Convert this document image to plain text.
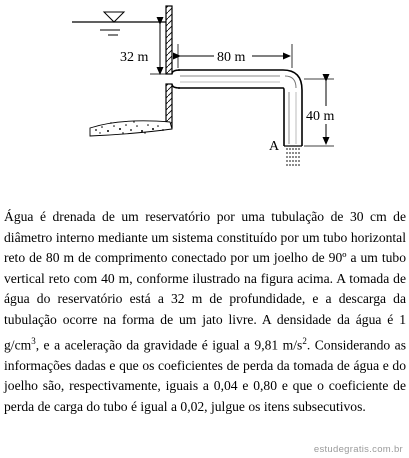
32 m
A
80 m
40 m

Água é drenada de um reservatório por uma tubulação de 30 cm de diâmetro interno mediante um sistema constituído por um tubo horizontal reto de 80 m de comprimento conectado por um joelho de 90º a um tubo vertical reto com 40 m, conforme ilustrado na figura acima. A tomada de água do reservatório está a 32 m de profundidade, e a descarga da tubulação ocorre na forma de um jato livre. A densidade da água é 1 $g/cm^3$, e a aceleração da gravidade é igual a 9,81 $m/s^2$. Considerando as informações dadas e que os coeficientes de perda da tomada de água e do joelho são, respectivamente, iguais a 0,04 e 0,80 e que o coeficiente de perda de carga do tubo é igual a 0,02, julgue os itens subsecutivos.

estudegratis.com.br
